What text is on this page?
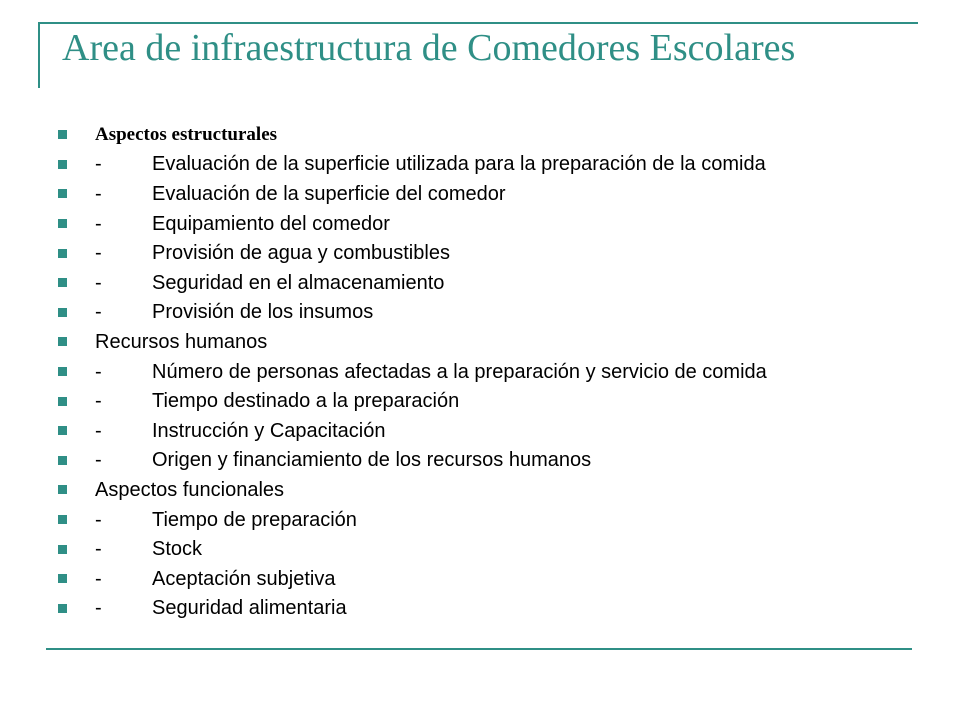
Area de infraestructura de Comedores Escolares
Aspectos estructurales
-	Evaluación de la superficie utilizada para la preparación de la comida
-	Evaluación de la superficie del comedor
-	Equipamiento del comedor
-	Provisión de agua y combustibles
-	Seguridad en el almacenamiento
-	Provisión de los insumos
Recursos humanos
-	Número de personas afectadas a la preparación y servicio de comida
-	Tiempo destinado a la preparación
-	Instrucción y Capacitación
-	Origen y financiamiento de los recursos humanos
Aspectos funcionales
-	Tiempo de preparación
-	Stock
-	Aceptación subjetiva
-	Seguridad alimentaria
